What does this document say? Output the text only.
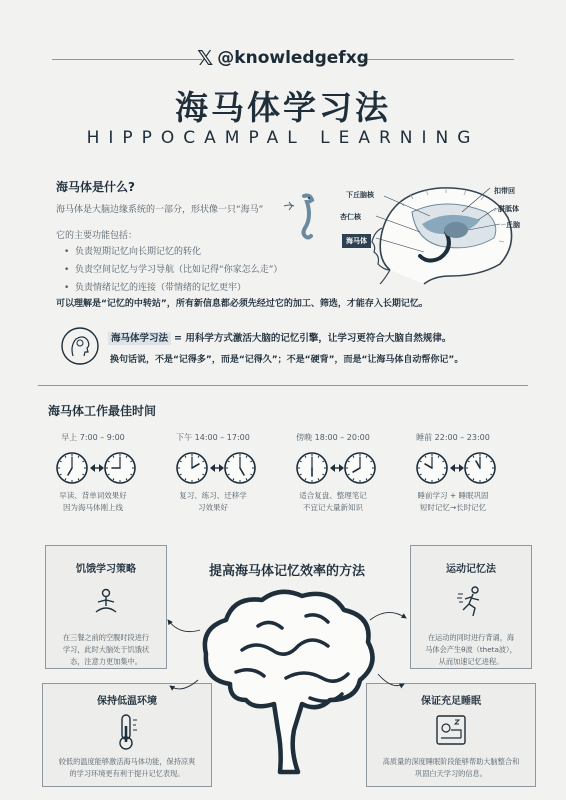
𝕏 @knowledgefxg
海马体学习法
HIPPOCAMPAL LEARNING
海马体是什么?
海马体是大脑边缘系统的一部分，形状像一只“海马”
它的主要功能包括：
•  负责短期记忆向长期记忆的转化
•  负责空间记忆与学习导航（比如记得“你家怎么走”）
•  负责情绪记忆的连接（带情绪的记忆更牢）
可以理解是“记忆的中转站”，所有新信息都必须先经过它的加工、筛选，才能存入长期记忆。
下丘脑核
杏仁核
海马体
扣带回
胼胝体
丘脑
海马体学习法 = 用科学方式激活大脑的记忆引擎，让学习更符合大脑自然规律。
换句话说，不是“记得多”，而是“记得久”；不是“硬背”，而是“让海马体自动帮你记”。
海马体工作最佳时间
早上 7:00 – 9:00	下午 14:00 – 17:00	傍晚 18:00 – 20:00	睡前 22:00 – 23:00
早读、背单词效果好
因为海马体刚上线
复习、练习、迁移学
习效果好
适合复盘、整理笔记
不宜记大量新知识
睡前学习 + 睡眠巩固
短时记忆→长时记忆
饥饿学习策略
在三餐之前的空腹时段进行
学习，此时大脑处于饥饿状
态，注意力更加集中。
运动记忆法
在运动的同时进行背诵，海
马体会产生θ波（theta波），
从而加速记忆进程。
保持低温环境
较低的温度能够激活海马体功能，保持凉爽
的学习环境更有利于提升记忆表现。
保证充足睡眠
高质量的深度睡眠阶段能够帮助大脑整合和
巩固白天学习的信息。
提高海马体记忆效率的方法
